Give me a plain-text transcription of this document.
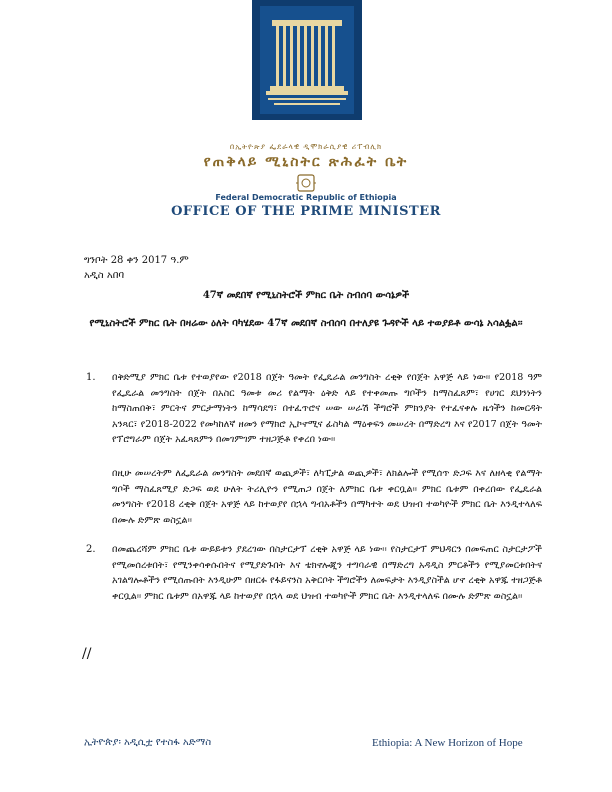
በኢትዮጵያ ፌደራላዊ ዲሞክራሲያዊ ሪፐብሊክ
የጠቅላይ ሚኒስትር ጽሕፈት ቤት
Federal Democratic Republic of Ethiopia
OFFICE OF THE PRIME MINISTER
ግንቦት 28 ቀን 2017 ዓ.ም
አዲስ አበባ
47ኛ መደበኛ የሚኒስትሮች ምክር ቤት ስብሰባ ውሳኔዎች
የሚኒስትሮች ምክር ቤት በዛሬው ዕለት ባካሄደው 47ኛ መደበኛ ስብሰባ በተለያዩ ጉዳዮች ላይ ተወያይቶ ውሳኔ አሳልፏል፡፡
1. በቅድሚያ ምክር ቤቱ የተወያየው የ2018 በጀት ዓመት የፌዴራል መንግስት ረቂቅ የበጀት አዋጅ ላይ ነው፡፡ የ2018 ዓም የፌዴራል መንግስት በጀት በአስር ዓመቱ መሪ የልማት ዕቅድ ላይ የተቀመጡ ግቦችን ከማስፈጸም፣ የሀገር ደህንነትን ከማስጠበቅ፣ ምርትና ምርታማነትን ከማሳደግ፣ በተፈጥሮና ሠው ሠራሽ ችግሮች ምክንያት የተፈናቀሉ ዜጎችን ከመርዳት አንጻር፣ የ2018-2022 የመካከለኛ ዘመን የማክሮ ኢኮኖሚና ፊስካል ማዕቀፍን መሠረት በማድረግ እና የ2017 በጀት ዓመት የፕሮግራም በጀት አፈጻጸምን በመገምገም ተዘጋጅቶ የቀረበ ነው፡፡
በዚሁ መሠረትም ለፌዴራል መንግስት መደበኛ ወጪዎች፣ ለካፒታል ወጪዎች፣ ለክልሎች የሚሰጥ ድጋፍ እና ለዘላቂ የልማት ግቦች ማስፈጸሚያ ድጋፍ ወደ ሁለት ትሪሊዮን የሚጠጋ በጀት ለምክር ቤቱ ቀርቧል፡፡ ምክር ቤቱም በቀረበው የፌዴራል መንግስት የ2018 ረቂቅ በጀት አዋጅ ላይ ከተወያየ በኋላ ግብአቶችን በማካተት ወደ ህዝብ ተወካዮች ምክር ቤት እንዲተላለፍ በሙሉ ድምጽ ወስኗል፡፡
2. በመጨረሻም ምክር ቤቱ ውይይቱን ያደረገው በስታርታፕ ረቂቅ አዋጅ ላይ ነው፡፡ የስታርታፕ ምህዳርን በመፍጠር ስታርታፖች የሚመሰረቱበት፣ የሚንቀሳቀሱበትና የሚያድጉበት እና ቴክኖሎጂን ተግባራዊ በማድረግ አዳዲስ ምርቶችን የሚያመርቱበትና አገልግሎቶችን የሚሰጡበት እንዲሁም በዘርፉ የፋይናንስ አቅርቦት ችግሮችን ለመፍታት እንዲያስችል ሆኖ ረቂቅ አዋጁ ተዘጋጅቶ ቀርቧል፡፡ ምክር ቤቱም በአዋጁ ላይ ከተወያየ በኋላ ወደ ህዝብ ተወካዮች ምክር ቤት እንዲተላለፍ በሙሉ ድምጽ ወስኗል፡፡
//
ኢትዮጵያ፡ አዲሲቷ የተስፋ አድማስ	Ethiopia: A New Horizon of Hope
